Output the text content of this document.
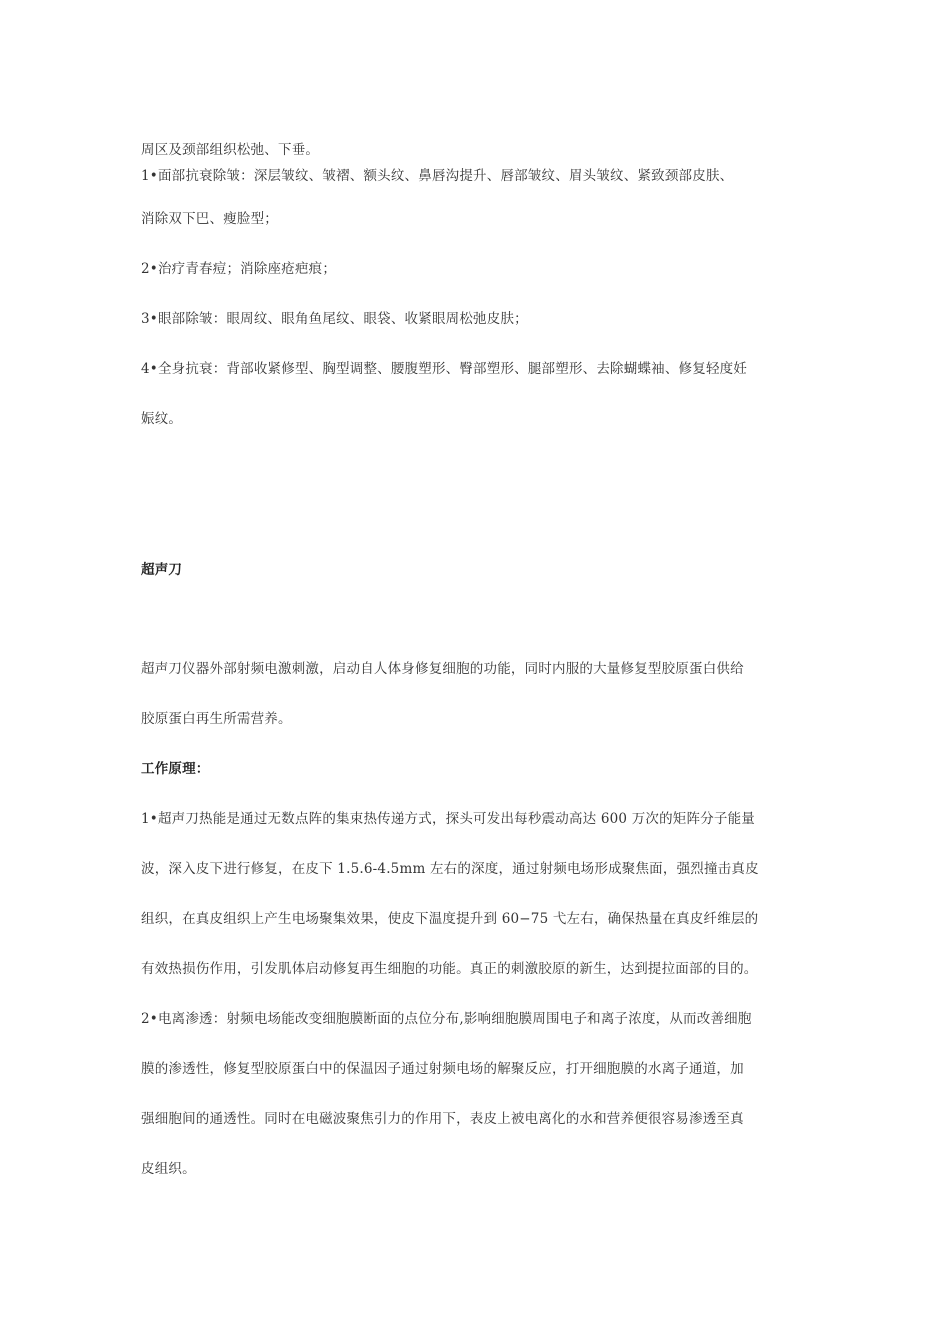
周区及颈部组织松弛、下垂。
1•面部抗衰除皱：深层皱纹、皱褶、额头纹、鼻唇沟提升、唇部皱纹、眉头皱纹、紧致颈部皮肤、
消除双下巴、瘦脸型；
2•治疗青春痘；消除座疮疤痕；
3•眼部除皱：眼周纹、眼角鱼尾纹、眼袋、收紧眼周松弛皮肤；
4•全身抗衰：背部收紧修型、胸型调整、腰腹塑形、臀部塑形、腿部塑形、去除蝴蝶袖、修复轻度妊
娠纹。
超声刀
超声刀仪器外部射频电激刺激，启动自人体身修复细胞的功能，同时内服的大量修复型胶原蛋白供给
胶原蛋白再生所需营养。
工作原理：
1•超声刀热能是通过无数点阵的集束热传递方式，探头可发出每秒震动高达 600 万次的矩阵分子能量
波，深入皮下进行修复，在皮下 1.5.6-4.5mm 左右的深度，通过射频电场形成聚焦面，强烈撞击真皮
组织，在真皮组织上产生电场聚集效果，使皮下温度提升到 60−75 弋左右，确保热量在真皮纤维层的
有效热损伤作用，引发肌体启动修复再生细胞的功能。真正的刺激胶原的新生，达到提拉面部的目的。
2•电离渗透：射频电场能改变细胞膜断面的点位分布,影响细胞膜周围电子和离子浓度，从而改善细胞
膜的渗透性，修复型胶原蛋白中的保温因子通过射频电场的解聚反应，打开细胞膜的水离子通道，加
强细胞间的通透性。同时在电磁波聚焦引力的作用下，表皮上被电离化的水和营养便很容易渗透至真
皮组织。
